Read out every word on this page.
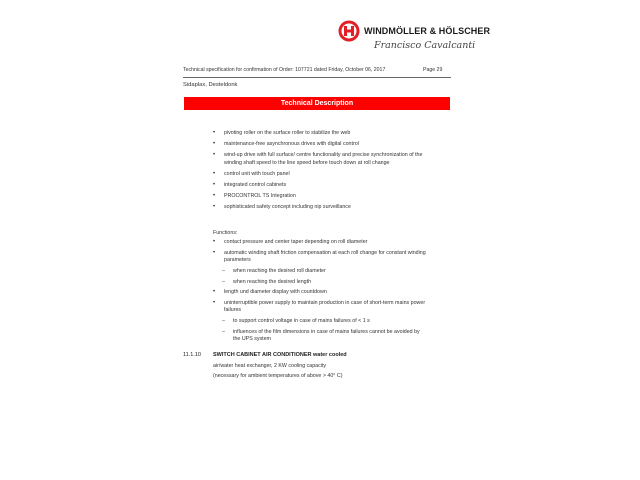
WINDMÖLLER & HÖLSCHER
Francisco Cavalcanti
Technical specification for confirmation of Order: 107721 dated Friday, October 06, 2017	Page 29
Sidaplax, Desteldonk
Technical Description
• pivoting roller on the surface roller to stabilize the web
• maintenance-free asynchronous drives with digital control
• wind-up drive with full surface/ centre functionality and precise synchronization of the winding shaft speed to the line speed before touch down at roll change
• control unit with touch panel
• integrated control cabinets
• PROCONTROL TS Integration
• sophisticated safety concept including nip surveillance
Functions:
• contact pressure and center taper depending on roll diameter
• automatic winding shaft friction compensation at each roll change for constant winding parameters
– when reaching the desired roll diameter
– when reaching the desired length
• length und diameter display with countdown
• uninterruptible power supply to maintain production in case of short-term mains power failures
– to support control voltage in case of mains failures of < 1 s
– influences of the film dimensions in case of mains failures cannot be avoided by the UPS system
11.1.10 SWITCH CABINET AIR CONDITIONER water cooled
air/water heat exchanger, 2 KW cooling capacity
(necessary for ambient temperatures of above > 40° C)
